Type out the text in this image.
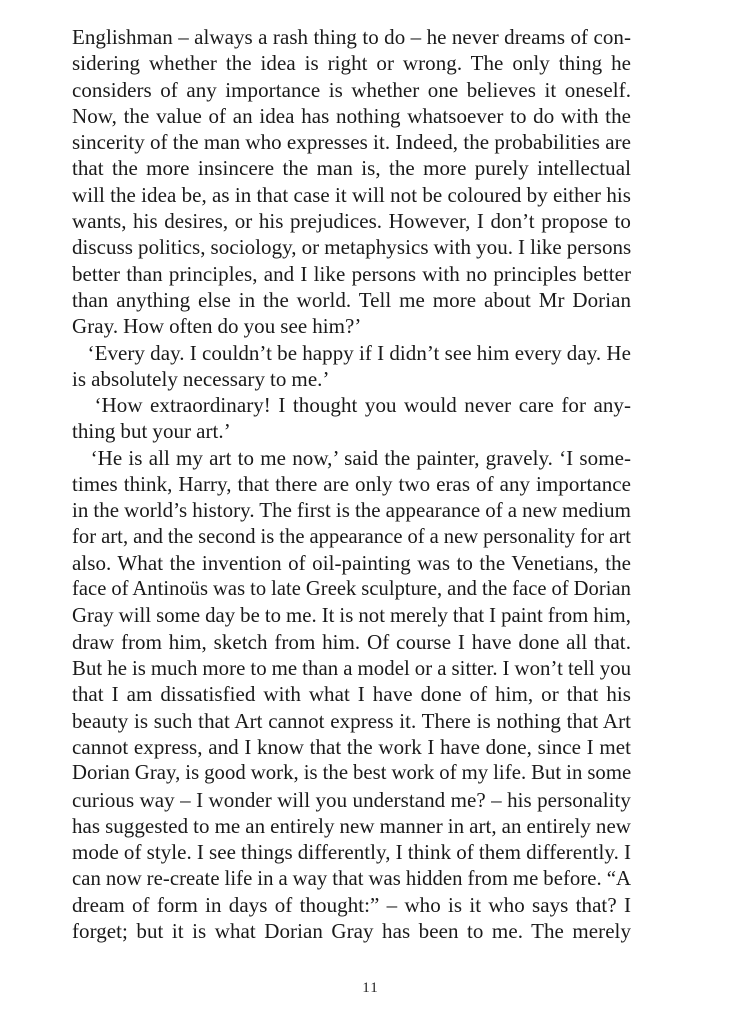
Englishman – always a rash thing to do – he never dreams of con-
sidering whether the idea is right or wrong. The only thing he
considers of any importance is whether one believes it oneself.
Now, the value of an idea has nothing whatsoever to do with the
sincerity of the man who expresses it. Indeed, the probabilities are
that the more insincere the man is, the more purely intellectual
will the idea be, as in that case it will not be coloured by either his
wants, his desires, or his prejudices. However, I don’t propose to
discuss politics, sociology, or metaphysics with you. I like persons
better than principles, and I like persons with no principles better
than anything else in the world. Tell me more about Mr Dorian
Gray. How often do you see him?’
‘Every day. I couldn’t be happy if I didn’t see him every day. He
is absolutely necessary to me.’
‘How extraordinary! I thought you would never care for any-
thing but your art.’
‘He is all my art to me now,’ said the painter, gravely. ‘I some-
times think, Harry, that there are only two eras of any importance
in the world’s history. The first is the appearance of a new medium
for art, and the second is the appearance of a new personality for art
also. What the invention of oil-painting was to the Venetians, the
face of Antinoüs was to late Greek sculpture, and the face of Dorian
Gray will some day be to me. It is not merely that I paint from him,
draw from him, sketch from him. Of course I have done all that.
But he is much more to me than a model or a sitter. I won’t tell you
that I am dissatisfied with what I have done of him, or that his
beauty is such that Art cannot express it. There is nothing that Art
cannot express, and I know that the work I have done, since I met
Dorian Gray, is good work, is the best work of my life. But in some
curious way – I wonder will you understand me? – his personality
has suggested to me an entirely new manner in art, an entirely new
mode of style. I see things differently, I think of them differently. I
can now re-create life in a way that was hidden from me before. “A
dream of form in days of thought:” – who is it who says that? I
forget; but it is what Dorian Gray has been to me. The merely
11
